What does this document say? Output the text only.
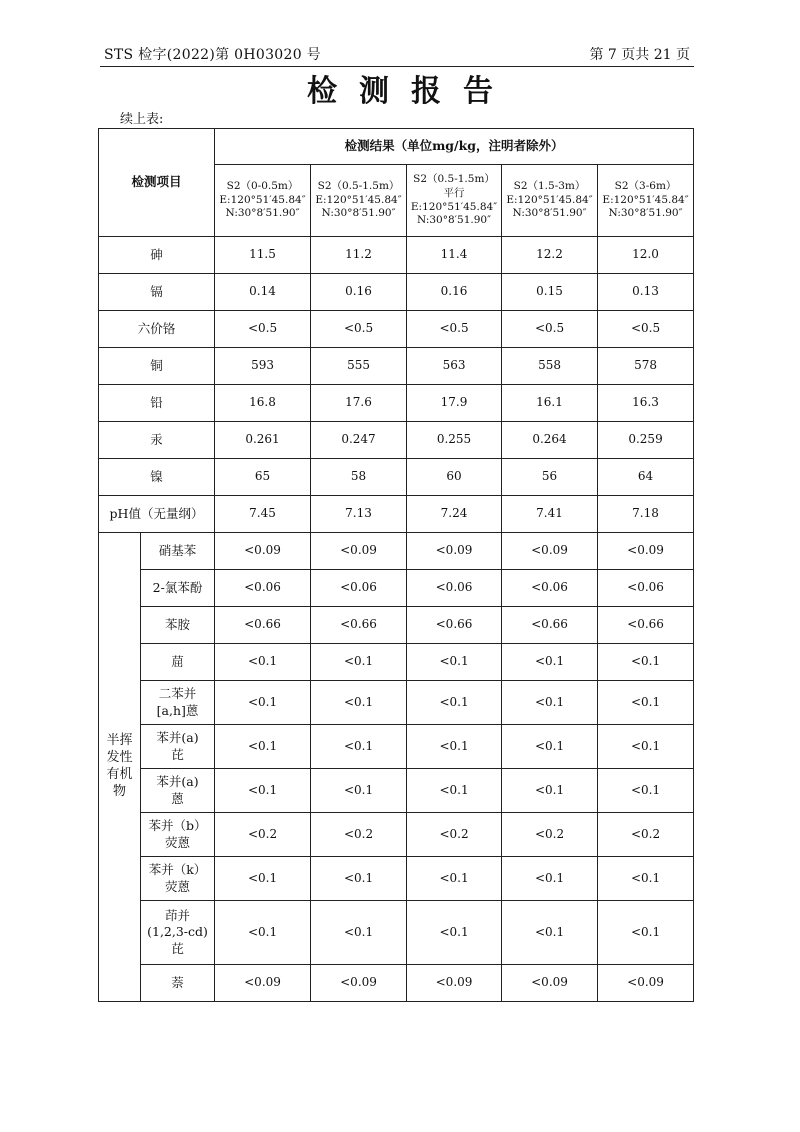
STS 检字(2022)第 0H03020 号	第 7 页共 21 页
检测报告
续上表:
检测项目		检测结果（单位mg/kg，注明者除外）				

		S2（0-0.5m）
E:120°51′45.84″
N:30°8′51.90″	S2（0.5-1.5m）
E:120°51′45.84″
N:30°8′51.90″	S2（0.5-1.5m）
平行
E:120°51′45.84″
N:30°8′51.90″	S2（1.5-3m）
E:120°51′45.84″
N:30°8′51.90″	S2（3-6m）
E:120°51′45.84″
N:30°8′51.90″

砷		11.5	11.2	11.4	12.2	12.0

镉		0.14	0.16	0.16	0.15	0.13

六价铬		<0.5	<0.5	<0.5	<0.5	<0.5

铜		593	555	563	558	578

铅		16.8	17.6	17.9	16.1	16.3

汞		0.261	0.247	0.255	0.264	0.259

镍		65	58	60	56	64

pH值（无量纲）		7.45	7.13	7.24	7.41	7.18

半挥
发性
有机
物	硝基苯	<0.09	<0.09	<0.09	<0.09	<0.09

	2-氯苯酚	<0.06	<0.06	<0.06	<0.06	<0.06

	苯胺	<0.66	<0.66	<0.66	<0.66	<0.66

	䓛	<0.1	<0.1	<0.1	<0.1	<0.1

	二苯并
[a,h]蒽	<0.1	<0.1	<0.1	<0.1	<0.1

	苯并(a)
芘	<0.1	<0.1	<0.1	<0.1	<0.1

	苯并(a)
蒽	<0.1	<0.1	<0.1	<0.1	<0.1

	苯并（b）
荧蒽	<0.2	<0.2	<0.2	<0.2	<0.2

	苯并（k）
荧蒽	<0.1	<0.1	<0.1	<0.1	<0.1

	茚并
(1,2,3-cd)
芘	<0.1	<0.1	<0.1	<0.1	<0.1

	萘	<0.09	<0.09	<0.09	<0.09	<0.09
